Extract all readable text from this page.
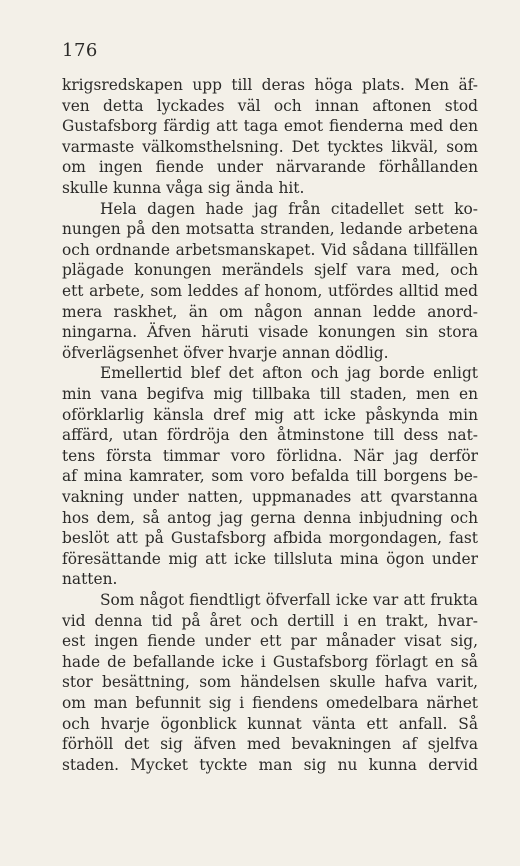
176
krigsredskapen upp till deras höga plats. Men äf-
ven detta lyckades väl och innan aftonen stod
Gustafsborg färdig att taga emot fienderna med den
varmaste välkomsthelsning. Det tycktes likväl, som
om ingen fiende under närvarande förhållanden
skulle kunna våga sig ända hit.
Hela dagen hade jag från citadellet sett ko-
nungen på den motsatta stranden, ledande arbetena
och ordnande arbetsmanskapet. Vid sådana tillfällen
plägade konungen merändels sjelf vara med, och
ett arbete, som leddes af honom, utfördes alltid med
mera raskhet, än om någon annan ledde anord-
ningarna. Äfven häruti visade konungen sin stora
öfverlägsenhet öfver hvarje annan dödlig.
Emellertid blef det afton och jag borde enligt
min vana begifva mig tillbaka till staden, men en
oförklarlig känsla dref mig att icke påskynda min
affärd, utan fördröja den åtminstone till dess nat-
tens första timmar voro förlidna. När jag derför
af mina kamrater, som voro befalda till borgens be-
vakning under natten, uppmanades att qvarstanna
hos dem, så antog jag gerna denna inbjudning och
beslöt att på Gustafsborg afbida morgondagen, fast
föresättande mig att icke tillsluta mina ögon under
natten.
Som något fiendtligt öfverfall icke var att frukta
vid denna tid på året och dertill i en trakt, hvar-
est ingen fiende under ett par månader visat sig,
hade de befallande icke i Gustafsborg förlagt en så
stor besättning, som händelsen skulle hafva varit,
om man befunnit sig i fiendens omedelbara närhet
och hvarje ögonblick kunnat vänta ett anfall. Så
förhöll det sig äfven med bevakningen af sjelfva
staden. Mycket tyckte man sig nu kunna dervid
